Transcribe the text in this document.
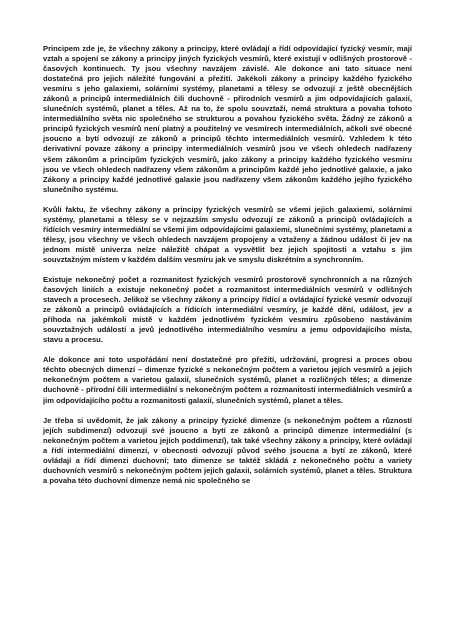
Principem zde je, že všechny zákony a principy, které ovládají a řídí odpovídající fyzický vesmír, mají vztah a spojení se zákony a principy jiných fyzických vesmírů, které existují v odlišných prostorově - časových kontinuech. Ty jsou všechny navzájem závislé. Ale dokonce ani tato situace není dostatečná pro jejich náležité fungování a přežití. Jakékoli zákony a principy každého fyzického vesmíru s jeho galaxiemi, solárními systémy, planetami a tělesy se odvozují z ještě obecnějších zákonů a principů intermediálních čili duchovně - přírodních vesmírů a jim odpovídajících galaxií, slunečních systémů, planet a těles. Až na to, že spolu souvztaží, nemá struktura a povaha tohoto intermediálního světa nic společného se strukturou a povahou fyzického světa. Žádný ze zákonů a principů fyzických vesmírů není platný a použitelný ve vesmírech intermediálních, ačkoli své obecné jsoucno a bytí odvozují ze zákonů a principů těchto intermediálních vesmírů. Vzhledem k této derivativní povaze zákony a principy intermediálních vesmírů jsou ve všech ohledech nadřazeny všem zákonům a principům fyzických vesmírů, jako zákony a principy každého fyzického vesmíru jsou ve všech ohledech nadřazeny všem zákonům a principům každé jeho jednotlivé galaxie, a jako Zákony a principy každé jednotlivé galaxie jsou nadřazeny všem zákonům každého jejího fyzického slunečního systému.

Kvůli faktu, že všechny zákony a principy fyzických vesmírů se všemi jejich galaxiemi, solárními systémy, planetami a tělesy se v nejzazším smyslu odvozují ze zákonů a principů ovládajících a řídících vesmíry intermediální se všemi jim odpovídajícími galaxiemi, slunečními systémy, planetami a tělesy, jsou všechny ve všech ohledech navzájem propojeny a vztaženy a žádnou událost či jev na jednom místě univerza nelze náležitě chápat a vysvětlit bez jejich spojitosti a vztahu s jim souvztažným místem v každém dalším vesmíru jak ve smyslu diskrétním a synchronním.

Existuje nekonečný počet a rozmanitost fyzických vesmírů prostorově synchronních a na různých časových liniích a existuje nekonečný počet a rozmanitost intermediálních vesmírů v odlišných stavech a procesech. Jelikož se všechny zákony a principy řídící a ovládající fyzické vesmír odvozují ze zákonů a principů ovládajících a řídících intermediální vesmíry, je každé dění, událost, jev a příhoda na jakémkoli místě v každém jednotlivém fyzickém vesmíru způsobeno nastáváním souvztažných událostí a jevů jednotlivého intermediálního vesmíru a jemu odpovídajícího místa, stavu a procesu.

Ale dokonce ani toto uspořádání není dostatečné pro přežití, udržování, progresi a proces obou těchto obecných dimenzí – dimenze fyzické s nekonečným počtem a varietou jejích vesmírů a jejich nekonečným počtem a varietou galaxií, slunečních systémů, planet a rozličných těles; a dimenze duchovně - přírodní čili intermediální s nekonečným počtem a rozmanitostí intermediálních vesmírů a jim odpovídajícího počtu a rozmanitosti galaxií, slunečních systémů, planet a těles.

Je třeba si uvědomit, že jak zákony a principy fyzické dimenze (s nekonečným počtem a růzností jejích subdimenzí) odvozují své jsoucno a bytí ze zákonů a principů dimenze intermediální (s nekonečným počtem a varietou jejích poddimenzí), tak také všechny zákony a principy, které ovládají a řídí intermediální dimenzi, v obecnosti odvozují původ svého jsoucna a bytí ze zákonů, které ovládají a řídí dimenzi duchovní; tato dimenze se taktéž skládá z nekonečného počtu a variety duchovních vesmírů s nekonečným počtem jejich galaxií, solárních systémů, planet a těles. Struktura a povaha této duchovní dimenze nemá nic společného se
